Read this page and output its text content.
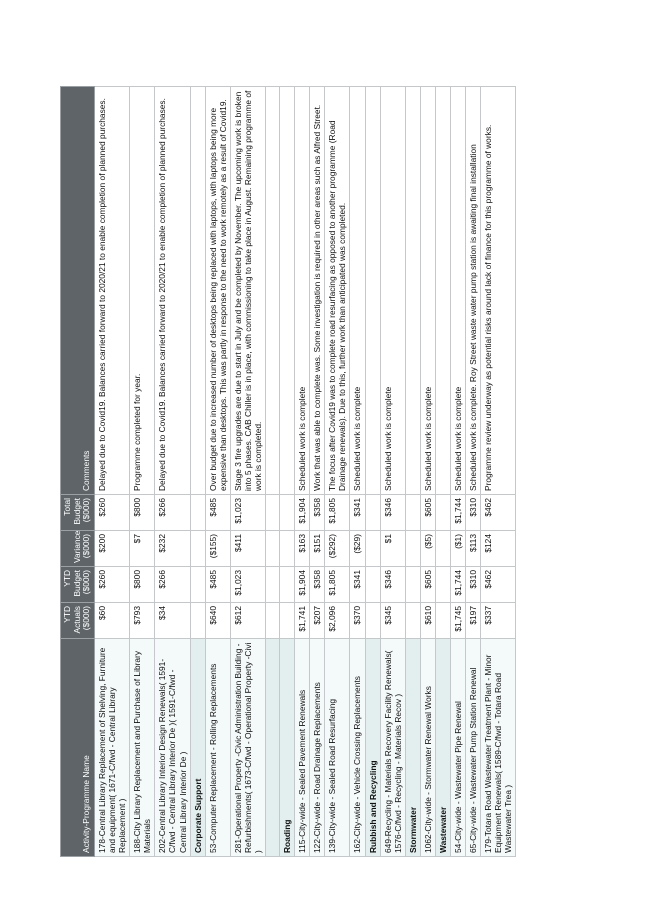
Activity-Programme Name	YTD Actuals ($000)	YTD Budget ($000)	Variance ($000)	Total Budget ($000)	Comments
178-Central Library Replacement of Shelving, Furniture and equipment( 1671-C/fwd - Central Library Replacement )	$60	$260	$200	$260	Delayed due to Covid19. Balances carried forward to 2020/21 to enable completion of planned purchases.
188-City Library Replacement and Purchase of Library Materials	$793	$800	$7	$800	Programme completed for year.
202-Central Library Interior Design Renewals( 1591-C/fwd - Central Library Interior De )( 1591-C/fwd - Central Library Interior De )	$34	$266	$232	$266	Delayed due to Covid19. Balances carried forward to 2020/21 to enable completion of planned purchases.
Corporate Support					
53-Computer Replacement - Rolling Replacements	$640	$485	($155)	$485	Over budget due to increased number of desktops being replaced with laptops, with laptops being more expensive than desktops. This was partly in response to the need to work remotely as a result of Covid19.
281-Operational Property -Civic Administration Building - Refurbishments( 1673-C/fwd - Operational Property -Civi )	$612	$1,023	$411	$1,023	Stage 3 fire upgrades are due to start in July and be completed by November. The upcoming work is broken into 5 phases. CAB Chiller is in place, with commissioning to take place in August. Remaining programme of work is completed.

Roading					
115-City-wide - Sealed Pavement Renewals	$1,741	$1,904	$163	$1,904	Scheduled work is complete
122-City-wide - Road Drainage Replacements	$207	$358	$151	$358	Work that was able to complete was. Some investigation is required in other areas such as Alfred Street.
139-City-wide - Sealed Road Resurfacing	$2,096	$1,805	($292)	$1,805	The focus after Covid19 was to complete road resurfacing as opposed to another programme (Road Drainage renewals). Due to this, further work than anticipated was completed.
162-City-wide - Vehicle Crossing Replacements	$370	$341	($29)	$341	Scheduled work is complete
Rubbish and Recycling					
649-Recycling - Materials Recovery Facility Renewals( 1576-C/fwd - Recycling - Materials Recov )	$345	$346	$1	$346	Scheduled work is complete
Stormwater					
1062-City-wide - Stormwater Renewal Works	$610	$605	($5)	$605	Scheduled work is complete
Wastewater					
54-City-wide - Wastewater Pipe Renewal	$1,745	$1,744	($1)	$1,744	Scheduled work is complete
65-City-wide - Wastewater Pump Station Renewal	$197	$310	$113	$310	Scheduled work is complete. Roy Street waste water pump station is awaiting final installation
179-Totara Road Wastewater Treatment Plant - Minor Equipment Renewals( 1589-C/fwd - Totara Road Wastewater Trea )	$337	$462	$124	$462	Programme review underway as potential risks around lack of finance for this programme of works.
